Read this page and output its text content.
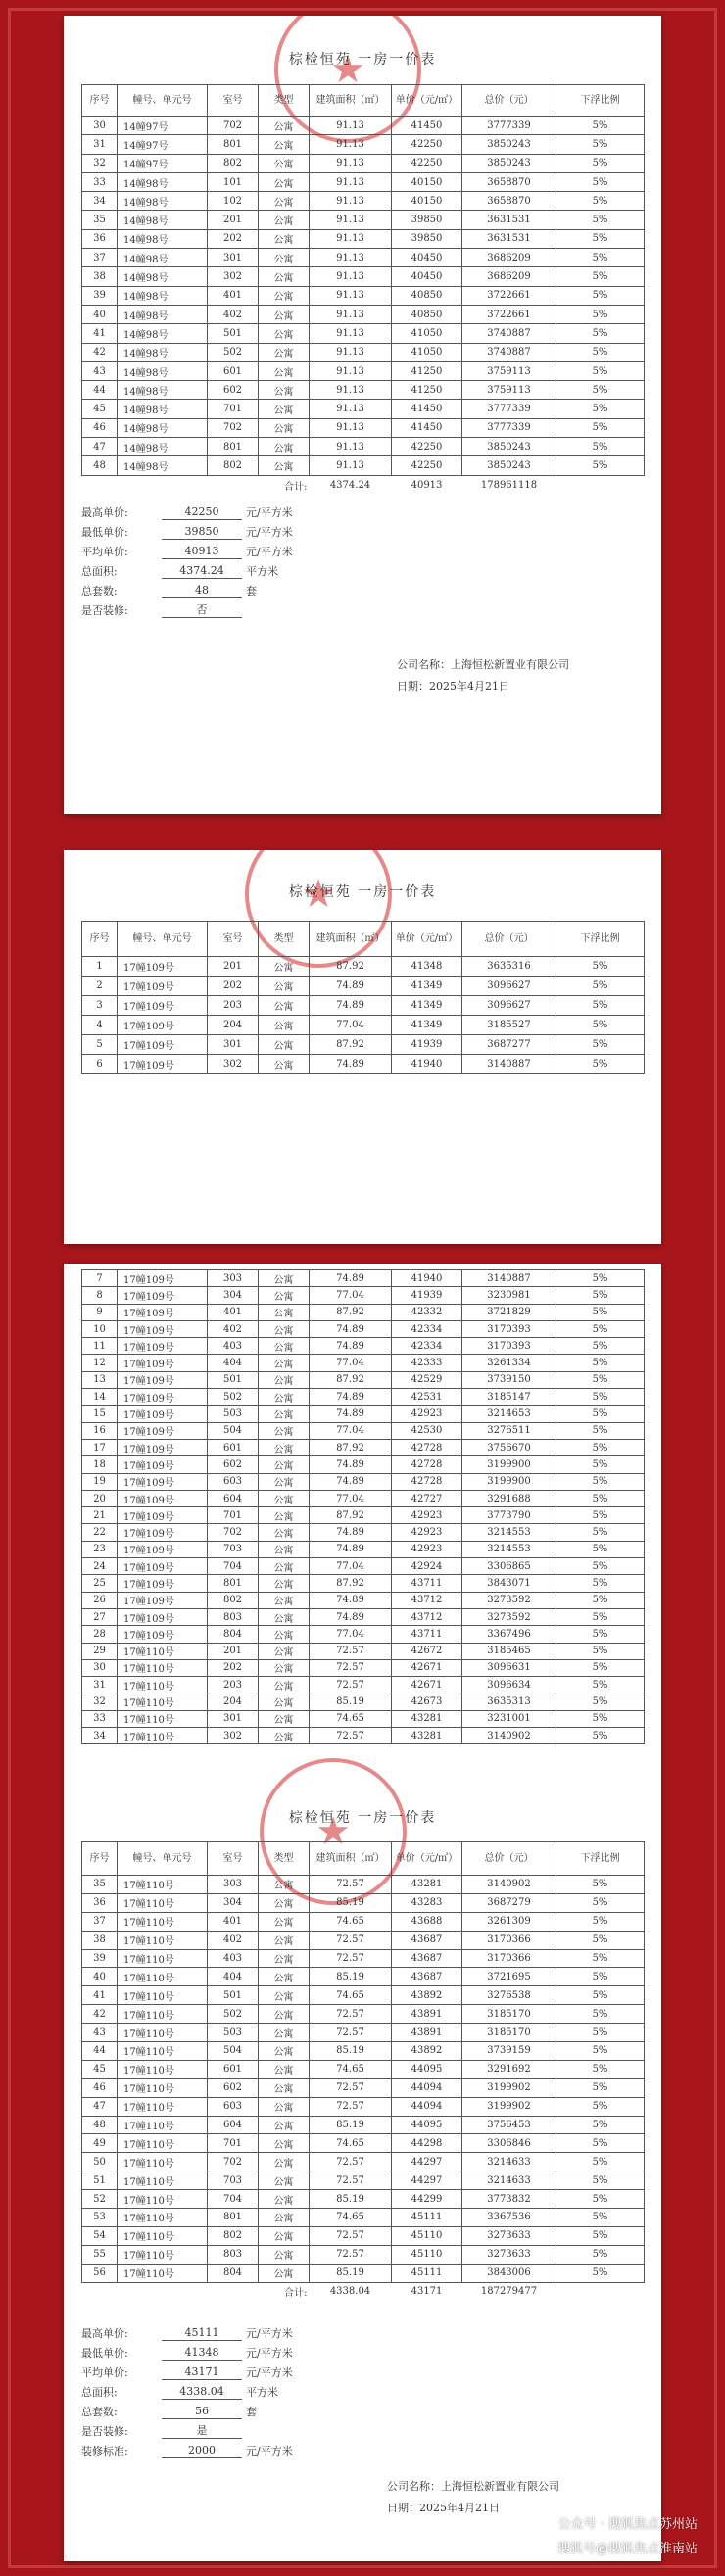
★
棕检恒苑 一房一价表
序号	幢号、单元号	室号	类型	建筑面积（㎡）	单价（元/㎡）	总价（元）	下浮比例
30	14幢97号	702	公寓	91.13	41450	3777339	5%
31	14幢97号	801	公寓	91.13	42250	3850243	5%
32	14幢97号	802	公寓	91.13	42250	3850243	5%
33	14幢98号	101	公寓	91.13	40150	3658870	5%
34	14幢98号	102	公寓	91.13	40150	3658870	5%
35	14幢98号	201	公寓	91.13	39850	3631531	5%
36	14幢98号	202	公寓	91.13	39850	3631531	5%
37	14幢98号	301	公寓	91.13	40450	3686209	5%
38	14幢98号	302	公寓	91.13	40450	3686209	5%
39	14幢98号	401	公寓	91.13	40850	3722661	5%
40	14幢98号	402	公寓	91.13	40850	3722661	5%
41	14幢98号	501	公寓	91.13	41050	3740887	5%
42	14幢98号	502	公寓	91.13	41050	3740887	5%
43	14幢98号	601	公寓	91.13	41250	3759113	5%
44	14幢98号	602	公寓	91.13	41250	3759113	5%
45	14幢98号	701	公寓	91.13	41450	3777339	5%
46	14幢98号	702	公寓	91.13	41450	3777339	5%
47	14幢98号	801	公寓	91.13	42250	3850243	5%
48	14幢98号	802	公寓	91.13	42250	3850243	5%
			合计:	4374.24	40913	178961118	
最高单价:	42250	元/平方米
最低单价:	39850	元/平方米
平均单价:	40913	元/平方米
总面积:	4374.24	平方米
总套数:	48	套
是否装修:	否
公司名称：上海恒松新置业有限公司
日期：2025年4月21日
★
棕检恒苑 一房一价表
序号	幢号、单元号	室号	类型	建筑面积（㎡）	单价（元/㎡）	总价（元）	下浮比例
1	17幢109号	201	公寓	87.92	41348	3635316	5%
2	17幢109号	202	公寓	74.89	41349	3096627	5%
3	17幢109号	203	公寓	74.89	41349	3096627	5%
4	17幢109号	204	公寓	77.04	41349	3185527	5%
5	17幢109号	301	公寓	87.92	41939	3687277	5%
6	17幢109号	302	公寓	74.89	41940	3140887	5%
7	17幢109号	303	公寓	74.89	41940	3140887	5%
8	17幢109号	304	公寓	77.04	41939	3230981	5%
9	17幢109号	401	公寓	87.92	42332	3721829	5%
10	17幢109号	402	公寓	74.89	42334	3170393	5%
11	17幢109号	403	公寓	74.89	42334	3170393	5%
12	17幢109号	404	公寓	77.04	42333	3261334	5%
13	17幢109号	501	公寓	87.92	42529	3739150	5%
14	17幢109号	502	公寓	74.89	42531	3185147	5%
15	17幢109号	503	公寓	74.89	42923	3214653	5%
16	17幢109号	504	公寓	77.04	42530	3276511	5%
17	17幢109号	601	公寓	87.92	42728	3756670	5%
18	17幢109号	602	公寓	74.89	42728	3199900	5%
19	17幢109号	603	公寓	74.89	42728	3199900	5%
20	17幢109号	604	公寓	77.04	42727	3291688	5%
21	17幢109号	701	公寓	87.92	42923	3773790	5%
22	17幢109号	702	公寓	74.89	42923	3214553	5%
23	17幢109号	703	公寓	74.89	42923	3214553	5%
24	17幢109号	704	公寓	77.04	42924	3306865	5%
25	17幢109号	801	公寓	87.92	43711	3843071	5%
26	17幢109号	802	公寓	74.89	43712	3273592	5%
27	17幢109号	803	公寓	74.89	43712	3273592	5%
28	17幢109号	804	公寓	77.04	43711	3367496	5%
29	17幢110号	201	公寓	72.57	42672	3185465	5%
30	17幢110号	202	公寓	72.57	42671	3096631	5%
31	17幢110号	203	公寓	72.57	42671	3096634	5%
32	17幢110号	204	公寓	85.19	42673	3635313	5%
33	17幢110号	301	公寓	74.65	43281	3231001	5%
34	17幢110号	302	公寓	72.57	43281	3140902	5%
★
棕检恒苑 一房一价表
序号	幢号、单元号	室号	类型	建筑面积（㎡）	单价（元/㎡）	总价（元）	下浮比例
35	17幢110号	303	公寓	72.57	43281	3140902	5%
36	17幢110号	304	公寓	85.19	43283	3687279	5%
37	17幢110号	401	公寓	74.65	43688	3261309	5%
38	17幢110号	402	公寓	72.57	43687	3170366	5%
39	17幢110号	403	公寓	72.57	43687	3170366	5%
40	17幢110号	404	公寓	85.19	43687	3721695	5%
41	17幢110号	501	公寓	74.65	43892	3276538	5%
42	17幢110号	502	公寓	72.57	43891	3185170	5%
43	17幢110号	503	公寓	72.57	43891	3185170	5%
44	17幢110号	504	公寓	85.19	43892	3739159	5%
45	17幢110号	601	公寓	74.65	44095	3291692	5%
46	17幢110号	602	公寓	72.57	44094	3199902	5%
47	17幢110号	603	公寓	72.57	44094	3199902	5%
48	17幢110号	604	公寓	85.19	44095	3756453	5%
49	17幢110号	701	公寓	74.65	44298	3306846	5%
50	17幢110号	702	公寓	72.57	44297	3214633	5%
51	17幢110号	703	公寓	72.57	44297	3214633	5%
52	17幢110号	704	公寓	85.19	44299	3773832	5%
53	17幢110号	801	公寓	74.65	45111	3367536	5%
54	17幢110号	802	公寓	72.57	45110	3273633	5%
55	17幢110号	803	公寓	72.57	45110	3273633	5%
56	17幢110号	804	公寓	85.19	45111	3843006	5%
			合计:	4338.04	43171	187279477	
最高单价:	45111	元/平方米
最低单价:	41348	元/平方米
平均单价:	43171	元/平方米
总面积:	4338.04	平方米
总套数:	56	套
是否装修:	是
装修标准:	2000	元/平方米
公司名称：上海恒松新置业有限公司
日期：2025年4月21日
公众号 · 搜狐焦点苏州站
搜狐号@搜狐焦点淮南站
